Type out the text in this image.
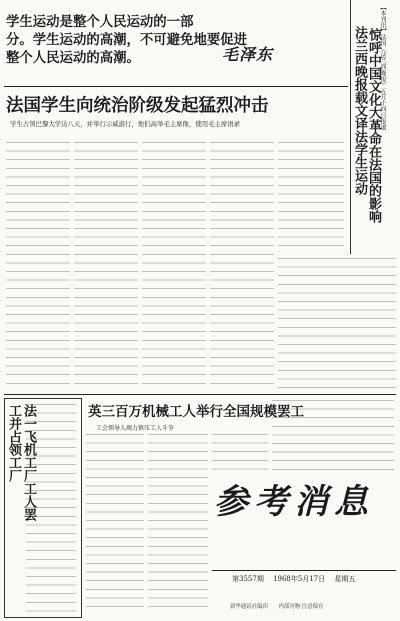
学生运动是整个人民运动的一部

分。学生运动的高潮，不可避免地要促进

整个人民运动的高潮。	毛泽东
法国学生向统治阶级发起猛烈冲击
学生占领巴黎大学达八天，并举行示威游行，他们高举毛主席像，使用毛主席语录
英三百万机械工人举行全国规模罢工
工会领导人竭力镇压工人斗争
法一飞机工厂工人罢工并占领工厂
【本刊讯】法国《法兰西晚报》五月十四日报道
法兰西晚报载文译法学生运动 惊呼中国文化大革命在法国的影响
参考消息
第3557期　 1968年5月17日　 星期五
新华通讯社编印　　内部刊物·注意保存
